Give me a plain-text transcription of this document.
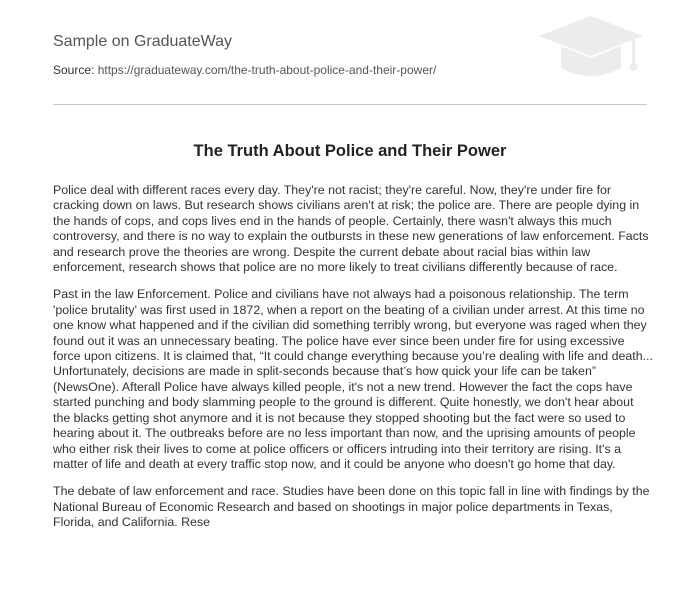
Sample on GraduateWay
Source: https://graduateway.com/the-truth-about-police-and-their-power/
The Truth About Police and Their Power

Police deal with different races every day. They're not racist; they're careful. Now, they're under fire for cracking down on laws. But research shows civilians aren't at risk; the police are. There are people dying in the hands of cops, and cops lives end in the hands of people. Certainly, there wasn't always this much controversy, and there is no way to explain the outbursts in these new generations of law enforcement. Facts and research prove the theories are wrong. Despite the current debate about racial bias within law enforcement, research shows that police are no more likely to treat civilians differently because of race.

Past in the law Enforcement. Police and civilians have not always had a poisonous relationship. The term 'police brutality' was first used in 1872, when a report on the beating of a civilian under arrest. At this time no one know what happened and if the civilian did something terribly wrong, but everyone was raged when they found out it was an unnecessary beating. The police have ever since been under fire for using excessive force upon citizens. It is claimed that, “It could change everything because you’re dealing with life and death... Unfortunately, decisions are made in split-seconds because that’s how quick your life can be taken” (NewsOne). Afterall Police have always killed people, it's not a new trend. However the fact the cops have started punching and body slamming people to the ground is different. Quite honestly, we don't hear about the blacks getting shot anymore and it is not because they stopped shooting but the fact were so used to hearing about it. The outbreaks before are no less important than now, and the uprising amounts of people who either risk their lives to come at police officers or officers intruding into their territory are rising. It's a matter of life and death at every traffic stop now, and it could be anyone who doesn't go home that day.

The debate of law enforcement and race. Studies have been done on this topic fall in line with findings by the National Bureau of Economic Research and based on shootings in major police departments in Texas, Florida, and California. Rese
